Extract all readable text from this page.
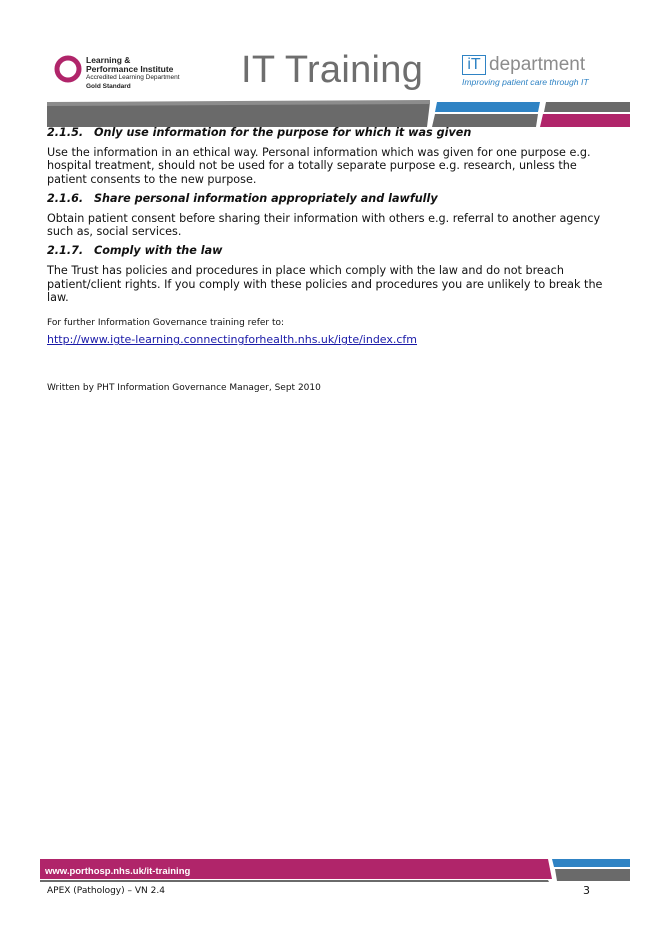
Learning &
Performance Institute
Accredited Learning Department
Gold Standard	IT Training	iT department
Improving patient care through IT
2.1.5. Only use information for the purpose for which it was given

Use the information in an ethical way. Personal information which was given for one purpose e.g. hospital treatment, should not be used for a totally separate purpose e.g. research, unless the patient consents to the new purpose.

2.1.6. Share personal information appropriately and lawfully

Obtain patient consent before sharing their information with others e.g. referral to another agency such as, social services.

2.1.7. Comply with the law

The Trust has policies and procedures in place which comply with the law and do not breach patient/client rights. If you comply with these policies and procedures you are unlikely to break the law.

For further Information Governance training refer to:
http://www.igte-learning.connectingforhealth.nhs.uk/igte/index.cfm
Written by PHT Information Governance Manager, Sept 2010
www.porthosp.nhs.uk/it-training
APEX (Pathology) – VN 2.4	3
